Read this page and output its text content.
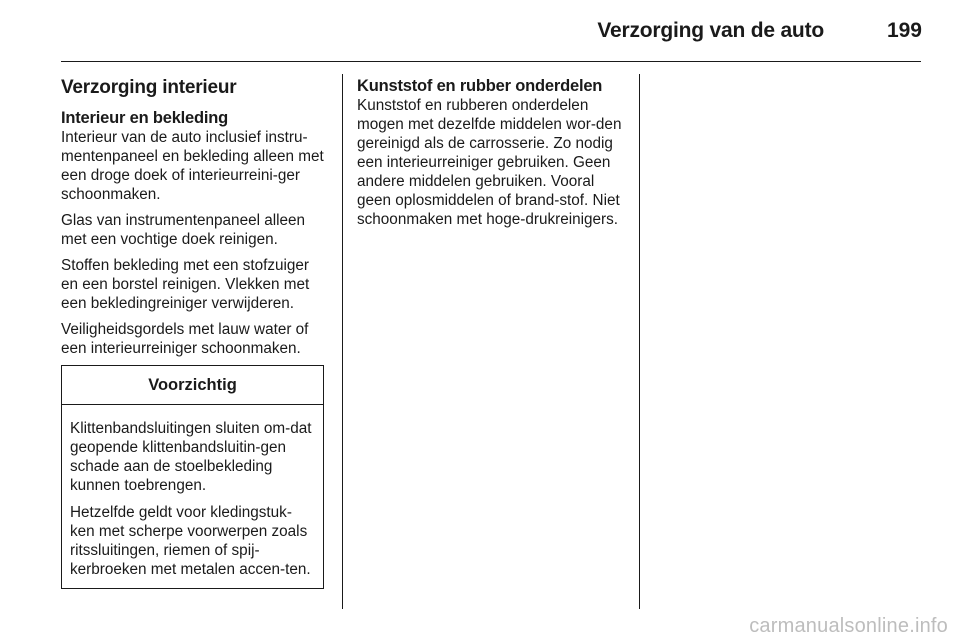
Verzorging van de auto	199
Verzorging interieur
Interieur en bekleding

Interieur van de auto inclusief instru-mentenpaneel en bekleding alleen met een droge doek of interieurreini-ger schoonmaken.

Glas van instrumentenpaneel alleen met een vochtige doek reinigen.

Stoffen bekleding met een stofzuiger en een borstel reinigen. Vlekken met een bekledingreiniger verwijderen.

Veiligheidsgordels met lauw water of een interieurreiniger schoonmaken.

Voorzichtig

Klittenbandsluitingen sluiten om-dat geopende klittenbandsluitin-gen schade aan de stoelbekleding kunnen toebrengen.

Hetzelfde geldt voor kledingstuk-ken met scherpe voorwerpen zoals ritssluitingen, riemen of spij-kerbroeken met metalen accen-ten.

Kunststof en rubber onderdelen

Kunststof en rubberen onderdelen mogen met dezelfde middelen wor-den gereinigd als de carrosserie. Zo nodig een interieurreiniger gebruiken. Geen andere middelen gebruiken. Vooral geen oplosmiddelen of brand-stof. Niet schoonmaken met hoge-drukreinigers.

carmanualsonline.info
